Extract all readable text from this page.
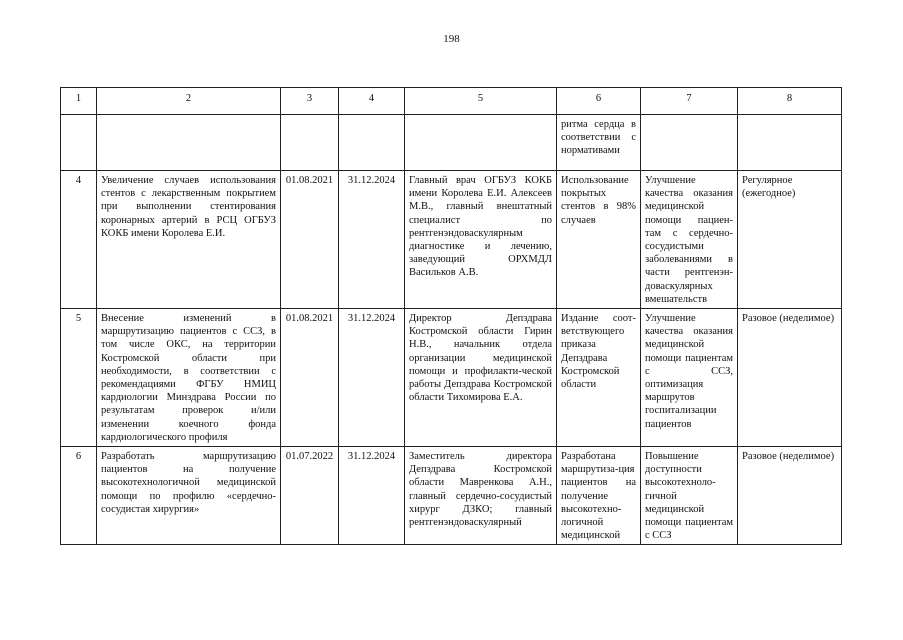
198
1	2	3	4	5	6	7	8
					ритма сердца в соответствии с нормативами		
4	Увеличение случаев использования стентов с лекарственным покрытием при выполнении стентирования коронарных артерий в РСЦ ОГБУЗ КОКБ имени Королева Е.И.	01.08.2021	31.12.2024	Главный врач ОГБУЗ КОКБ имени Королева Е.И. Алексеев М.В., главный внештатный специалист по рентгенэндоваскулярным диагностике и лечению, заведующий ОРХМДЛ Васильков А.В.	Использование покрытых стентов в 98% случаев	Улучшение качества оказания медицинской помощи пациен-там с сердечно-сосудистыми заболеваниями в части рентгенэн-доваскулярных вмешательств	Регулярное (ежегодное)
5	Внесение изменений в маршрутизацию пациентов с ССЗ, в том числе ОКС, на территории Костромской области при необходимости, в соответствии с рекомендациями ФГБУ НМИЦ кардиологии Минздрава России по результатам проверок и/или изменении коечного фонда кардиологического профиля	01.08.2021	31.12.2024	Директор Депздрава Костромской области Гирин Н.В., начальник отдела организации медицинской помощи и профилакти-ческой работы Депздрава Костромской области Тихомирова Е.А.	Издание соот-ветствующего приказа Депздрава Костромской области	Улучшение качества оказания медицинской помощи пациентам с ССЗ, оптимизация маршрутов госпитализации пациентов	Разовое (неделимое)
6	Разработать маршрутизацию пациентов на получение высокотехнологичной медицинской помощи по профилю «сердечно-сосудистая хирургия»	01.07.2022	31.12.2024	Заместитель директора Депздрава Костромской области Мавренкова А.Н., главный сердечно-сосудистый хирург ДЗКО; главный рентгенэндоваскулярный	Разработана маршрутиза-ция пациентов на получение высокотехно-логичной медицинской	Повышение доступности высокотехноло-гичной медицинской помощи пациентам с ССЗ	Разовое (неделимое)
